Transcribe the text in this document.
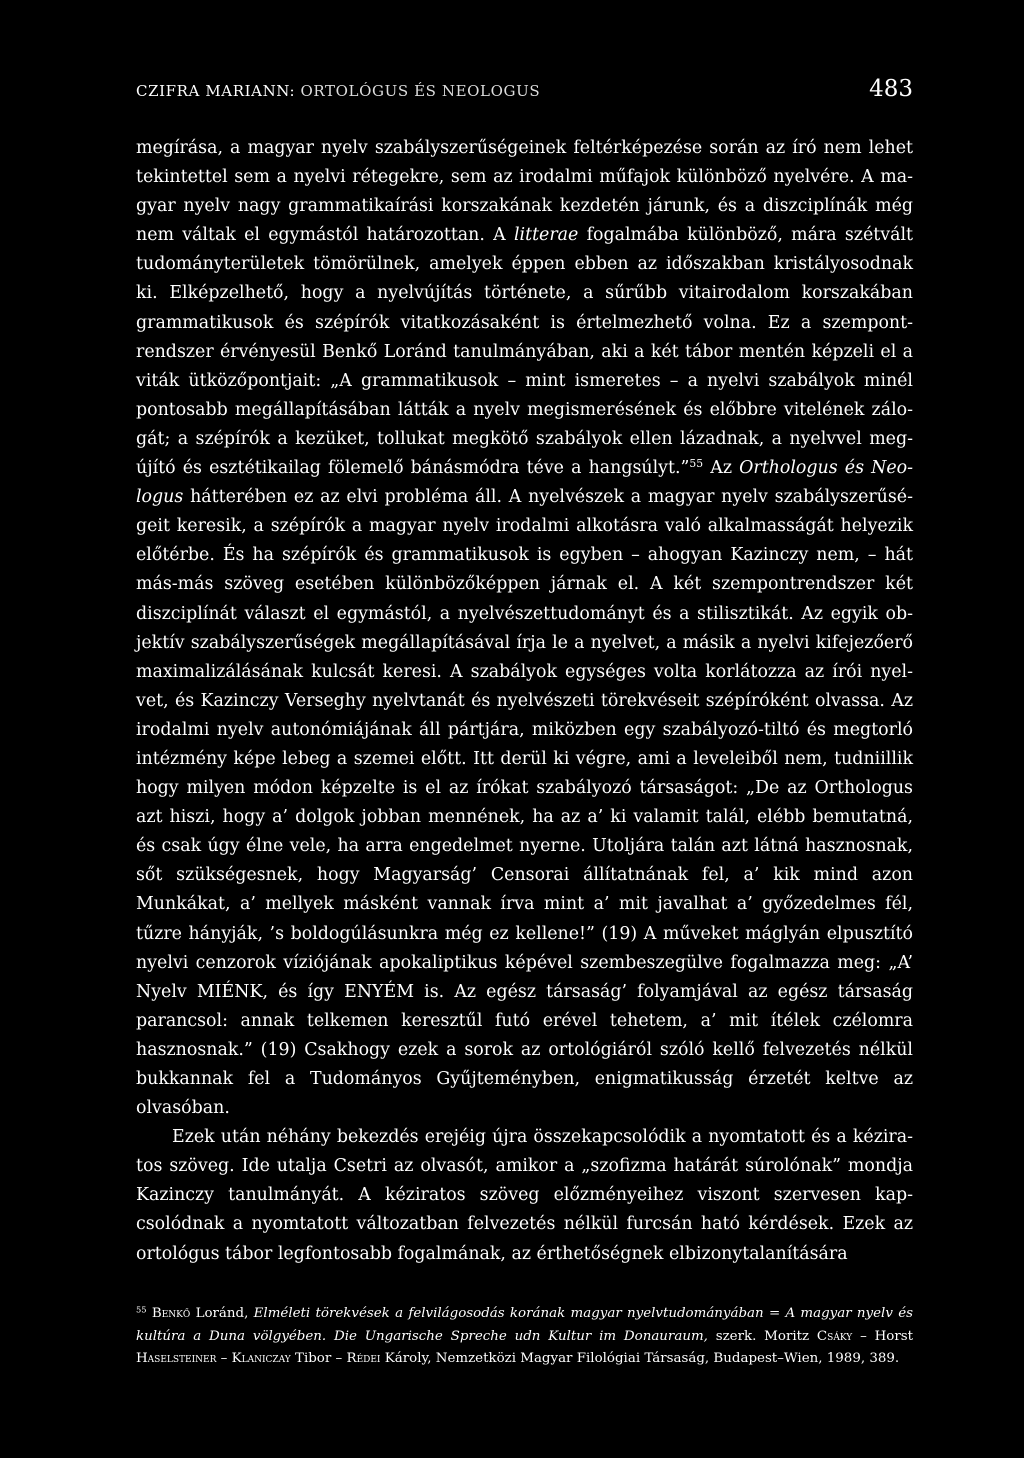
CZIFRA MARIANN: ORTOLÓGUS ÉS NEOLOGUS	483

megírása, a magyar nyelv szabályszerűségeinek feltérképezése során az író nem lehet tekintettel sem a nyelvi rétegekre, sem az irodalmi műfajok különböző nyelvére. A magyar nyelv nagy grammatikaírási korszakának kezdetén járunk, és a diszciplínák még nem váltak el egymástól határozottan. A litterae fogalmába különböző, mára szétvált tudományterületek tömörülnek, amelyek éppen ebben az időszakban kristályosodnak ki. Elképzelhető, hogy a nyelvújítás története, a sűrűbb vitairodalom korszakában grammatikusok és szépírók vitatkozásaként is értelmezhető volna. Ez a szempontrendszer érvényesül Benkő Loránd tanulmányában, aki a két tábor mentén képzeli el a viták ütközőpontjait: „A grammatikusok – mint ismeretes – a nyelvi szabályok minél pontosabb megállapításában látták a nyelv megismerésének és előbbre vitelének zálogát; a szépírók a kezüket, tollukat megkötő szabályok ellen lázadnak, a nyelvvel megújító és esztétikailag fölemelő bánásmódra téve a hangsúlyt.”$^{55}$ Az Orthologus és Neologus hátterében ez az elvi probléma áll. A nyelvészek a magyar nyelv szabályszerűségeit keresik, a szépírók a magyar nyelv irodalmi alkotásra való alkalmasságát helyezik előtérbe. És ha szépírók és grammatikusok is egyben – ahogyan Kazinczy nem, – hát más-más szöveg esetében különbözőképpen járnak el. A két szempontrendszer két diszciplínát választ el egymástól, a nyelvészettudományt és a stilisztikát. Az egyik objektív szabályszerűségek megállapításával írja le a nyelvet, a másik a nyelvi kifejezőerő maximalizálásának kulcsát keresi. A szabályok egységes volta korlátozza az írói nyelvet, és Kazinczy Verseghy nyelvtanát és nyelvészeti törekvéseit szépíróként olvassa. Az irodalmi nyelv autonómiájának áll pártjára, miközben egy szabályozó-tiltó és megtorló intézmény képe lebeg a szemei előtt. Itt derül ki végre, ami a leveleiből nem, tudniillik hogy milyen módon képzelte is el az írókat szabályozó társaságot: „De az Orthologus azt hiszi, hogy a’ dolgok jobban mennének, ha az a’ ki valamit talál, elébb bemutatná, és csak úgy élne vele, ha arra engedelmet nyerne. Utoljára talán azt látná hasznosnak, sőt szükségesnek, hogy Magyarság’ Censorai állítatnának fel, a’ kik mind azon Munkákat, a’ mellyek másként vannak írva mint a’ mit javalhat a’ győzedelmes fél, tűzre hányják, ’s boldogúlásunkra még ez kellene!” (19) A műveket máglyán elpusztító nyelvi cenzorok víziójának apokaliptikus képével szembeszegülve fogalmazza meg: „A’ Nyelv MIÉNK, és így ENYÉM is. Az egész társaság’ folyamjával az egész társaság parancsol: annak telkemen keresztűl futó erével tehetem, a’ mit ítélek czélomra hasznosnak.” (19) Csakhogy ezek a sorok az ortológiáról szóló kellő felvezetés nélkül bukkannak fel a Tudományos Gyűjteményben, enigmatikusság érzetét keltve az olvasóban.

Ezek után néhány bekezdés erejéig újra összekapcsolódik a nyomtatott és a kéziratos szöveg. Ide utalja Csetri az olvasót, amikor a „szofizma határát súrolónak” mondja Kazinczy tanulmányát. A kéziratos szöveg előzményeihez viszont szervesen kapcsolódnak a nyomtatott változatban felvezetés nélkül furcsán ható kérdések. Ezek az ortológus tábor legfontosabb fogalmának, az érthetőségnek elbizonytalanítására

$^{55}$ Benkő Loránd, Elméleti törekvések a felvilágosodás korának magyar nyelvtudományában = A magyar nyelv és kultúra a Duna völgyében. Die Ungarische Spreche udn Kultur im Donauraum, szerk. Moritz Csáky – Horst Haselsteiner – Klaniczay Tibor – Rédei Károly, Nemzetközi Magyar Filológiai Társaság, Budapest–Wien, 1989, 389.
